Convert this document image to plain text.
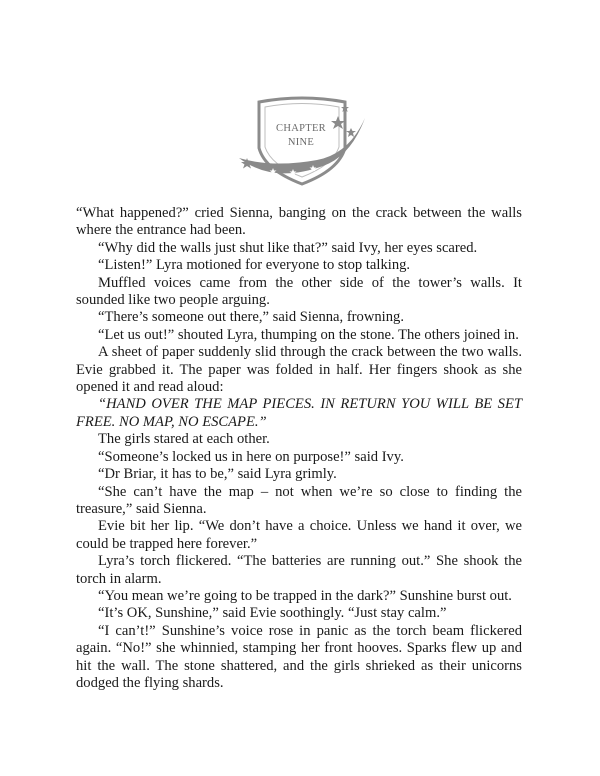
CHAPTER
NINE

“What happened?” cried Sienna, banging on the crack between the walls where the entrance had been.

“Why did the walls just shut like that?” said Ivy, her eyes scared.

“Listen!” Lyra motioned for everyone to stop talking.

Muffled voices came from the other side of the tower’s walls. It sounded like two people arguing.

“There’s someone out there,” said Sienna, frowning.

“Let us out!” shouted Lyra, thumping on the stone. The others joined in.

A sheet of paper suddenly slid through the crack between the two walls. Evie grabbed it. The paper was folded in half. Her fingers shook as she opened it and read aloud:

“HAND OVER THE MAP PIECES. IN RETURN YOU WILL BE SET FREE. NO MAP, NO ESCAPE.”

The girls stared at each other.

“Someone’s locked us in here on purpose!” said Ivy.

“Dr Briar, it has to be,” said Lyra grimly.

“She can’t have the map – not when we’re so close to finding the treasure,” said Sienna.

Evie bit her lip. “We don’t have a choice. Unless we hand it over, we could be trapped here forever.”

Lyra’s torch flickered. “The batteries are running out.” She shook the torch in alarm.

“You mean we’re going to be trapped in the dark?” Sunshine burst out.

“It’s OK, Sunshine,” said Evie soothingly. “Just stay calm.”

“I can’t!” Sunshine’s voice rose in panic as the torch beam flickered again. “No!” she whinnied, stamping her front hooves. Sparks flew up and hit the wall. The stone shattered, and the girls shrieked as their unicorns dodged the flying shards.
